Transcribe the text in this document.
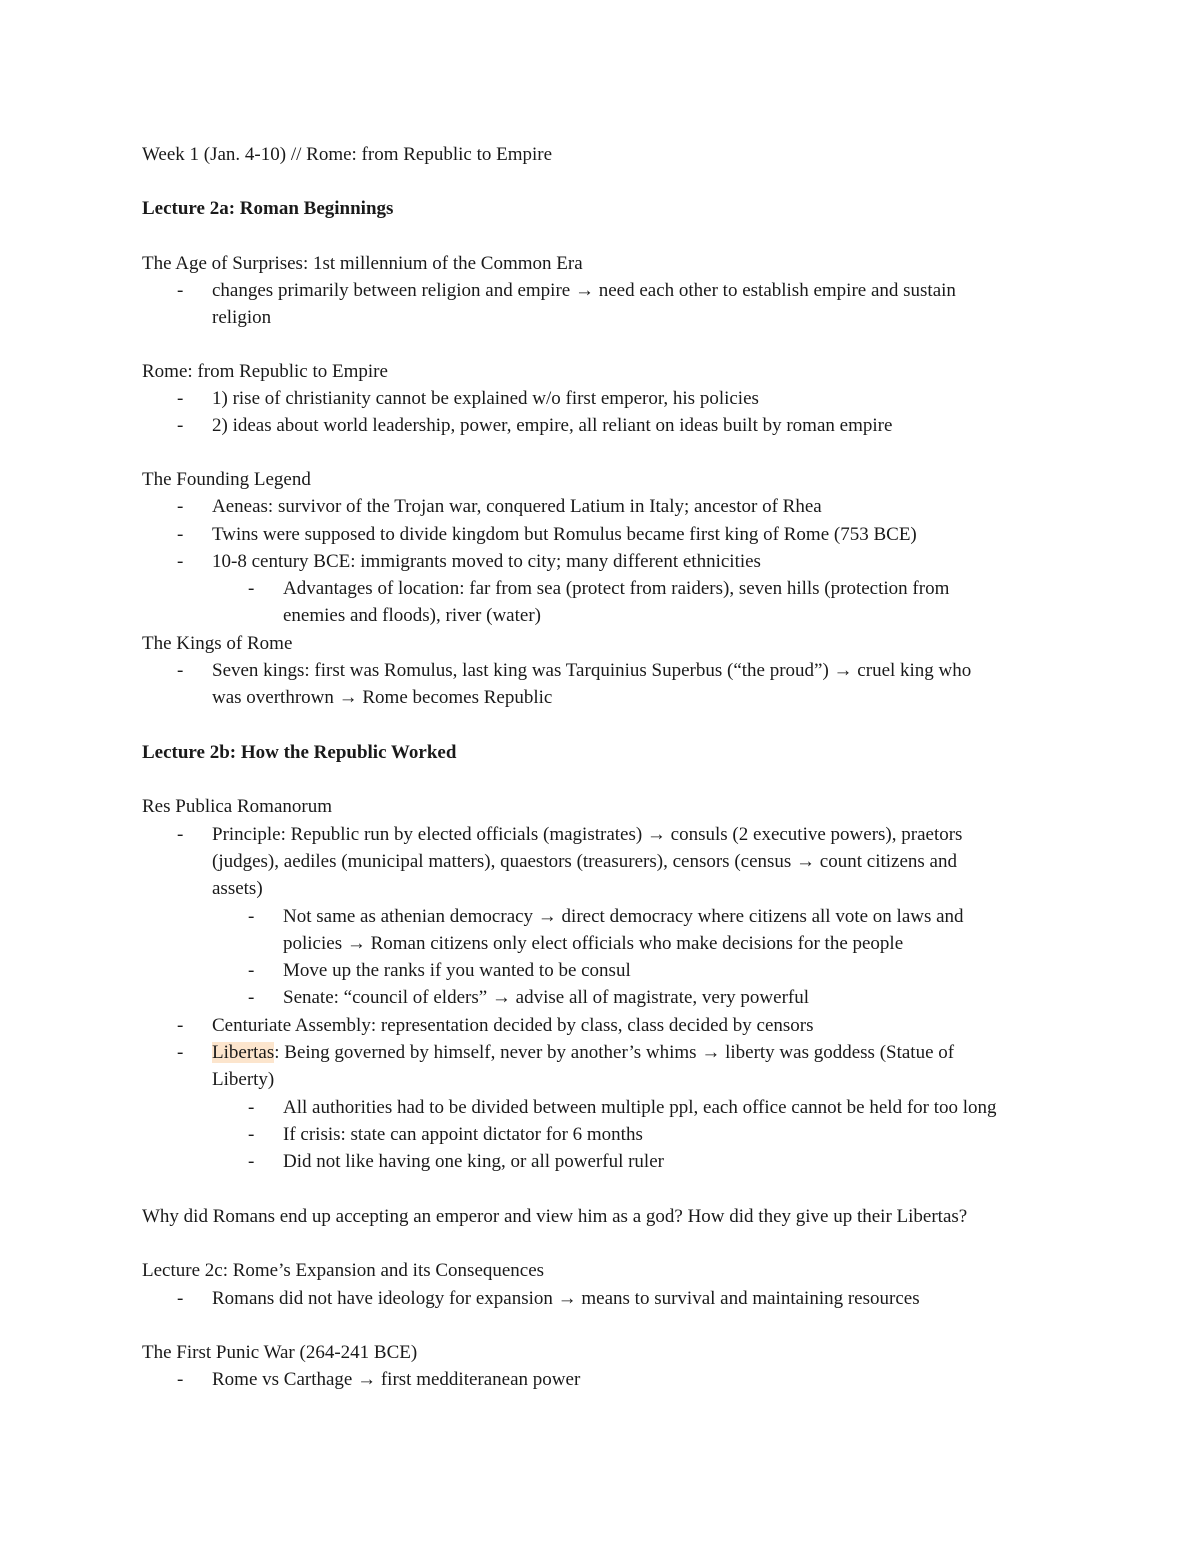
Week 1 (Jan. 4-10) // Rome: from Republic to Empire
Lecture 2a: Roman Beginnings
The Age of Surprises: 1st millennium of the Common Era
- changes primarily between religion and empire → need each other to establish empire and sustain
religion
Rome: from Republic to Empire
- 1) rise of christianity cannot be explained w/o first emperor, his policies
- 2) ideas about world leadership, power, empire, all reliant on ideas built by roman empire
The Founding Legend
- Aeneas: survivor of the Trojan war, conquered Latium in Italy; ancestor of Rhea
- Twins were supposed to divide kingdom but Romulus became first king of Rome (753 BCE)
- 10-8 century BCE: immigrants moved to city; many different ethnicities
- Advantages of location: far from sea (protect from raiders), seven hills (protection from
enemies and floods), river (water)
The Kings of Rome
- Seven kings: first was Romulus, last king was Tarquinius Superbus (“the proud”) → cruel king who
was overthrown → Rome becomes Republic
Lecture 2b: How the Republic Worked
Res Publica Romanorum
- Principle: Republic run by elected officials (magistrates) → consuls (2 executive powers), praetors
(judges), aediles (municipal matters), quaestors (treasurers), censors (census → count citizens and
assets)
- Not same as athenian democracy → direct democracy where citizens all vote on laws and
policies → Roman citizens only elect officials who make decisions for the people
- Move up the ranks if you wanted to be consul
- Senate: “council of elders” → advise all of magistrate, very powerful
- Centuriate Assembly: representation decided by class, class decided by censors
- Libertas: Being governed by himself, never by another’s whims → liberty was goddess (Statue of
Liberty)
- All authorities had to be divided between multiple ppl, each office cannot be held for too long
- If crisis: state can appoint dictator for 6 months
- Did not like having one king, or all powerful ruler
Why did Romans end up accepting an emperor and view him as a god? How did they give up their Libertas?
Lecture 2c: Rome’s Expansion and its Consequences
- Romans did not have ideology for expansion → means to survival and maintaining resources
The First Punic War (264-241 BCE)
- Rome vs Carthage → first medditeranean power
